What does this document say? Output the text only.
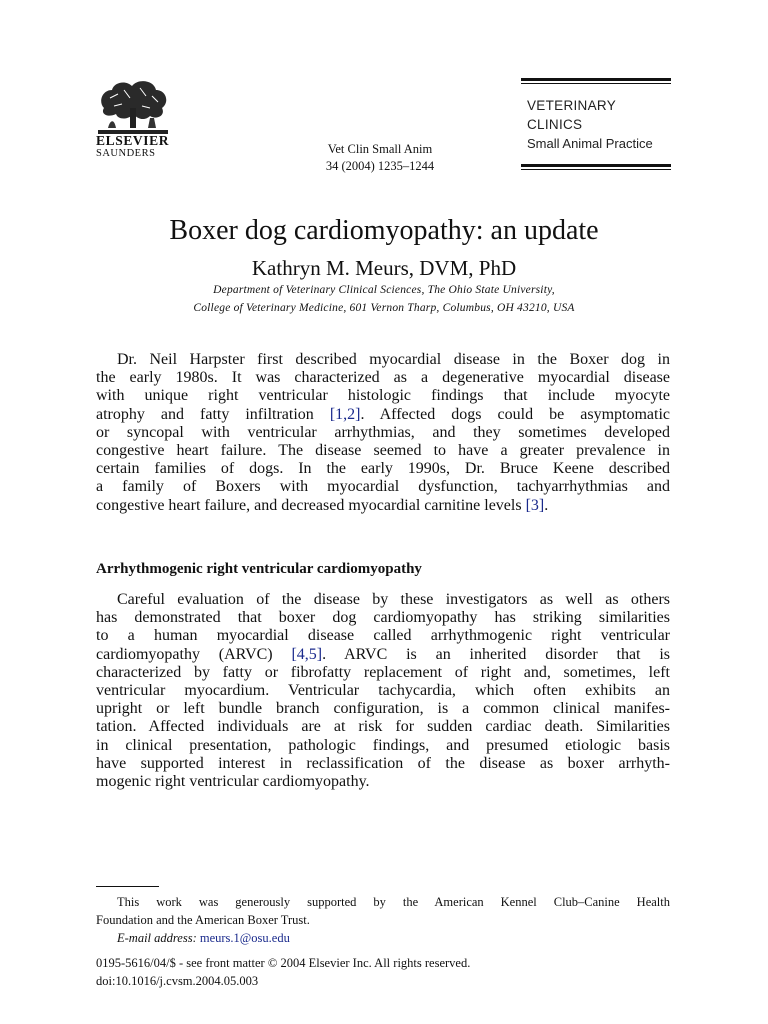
ELSEVIER
SAUNDERS	Vet Clin Small Anim
34 (2004) 1235–1244
VETERINARY
CLINICS
Small Animal Practice
Boxer dog cardiomyopathy: an update
Kathryn M. Meurs, DVM, PhD
Department of Veterinary Clinical Sciences, The Ohio State University,
College of Veterinary Medicine, 601 Vernon Tharp, Columbus, OH 43210, USA
Dr. Neil Harpster first described myocardial disease in the Boxer dog in
the early 1980s. It was characterized as a degenerative myocardial disease
with unique right ventricular histologic findings that include myocyte
atrophy and fatty infiltration [1,2]. Affected dogs could be asymptomatic
or syncopal with ventricular arrhythmias, and they sometimes developed
congestive heart failure. The disease seemed to have a greater prevalence in
certain families of dogs. In the early 1990s, Dr. Bruce Keene described
a family of Boxers with myocardial dysfunction, tachyarrhythmias and
congestive heart failure, and decreased myocardial carnitine levels [3].
Arrhythmogenic right ventricular cardiomyopathy
Careful evaluation of the disease by these investigators as well as others
has demonstrated that boxer dog cardiomyopathy has striking similarities
to a human myocardial disease called arrhythmogenic right ventricular
cardiomyopathy (ARVC) [4,5]. ARVC is an inherited disorder that is
characterized by fatty or fibrofatty replacement of right and, sometimes, left
ventricular myocardium. Ventricular tachycardia, which often exhibits an
upright or left bundle branch configuration, is a common clinical manifes-
tation. Affected individuals are at risk for sudden cardiac death. Similarities
in clinical presentation, pathologic findings, and presumed etiologic basis
have supported interest in reclassification of the disease as boxer arrhyth-
mogenic right ventricular cardiomyopathy.
This work was generously supported by the American Kennel Club–Canine Health
Foundation and the American Boxer Trust.
E-mail address: meurs.1@osu.edu
0195-5616/04/$ - see front matter © 2004 Elsevier Inc. All rights reserved.
doi:10.1016/j.cvsm.2004.05.003
